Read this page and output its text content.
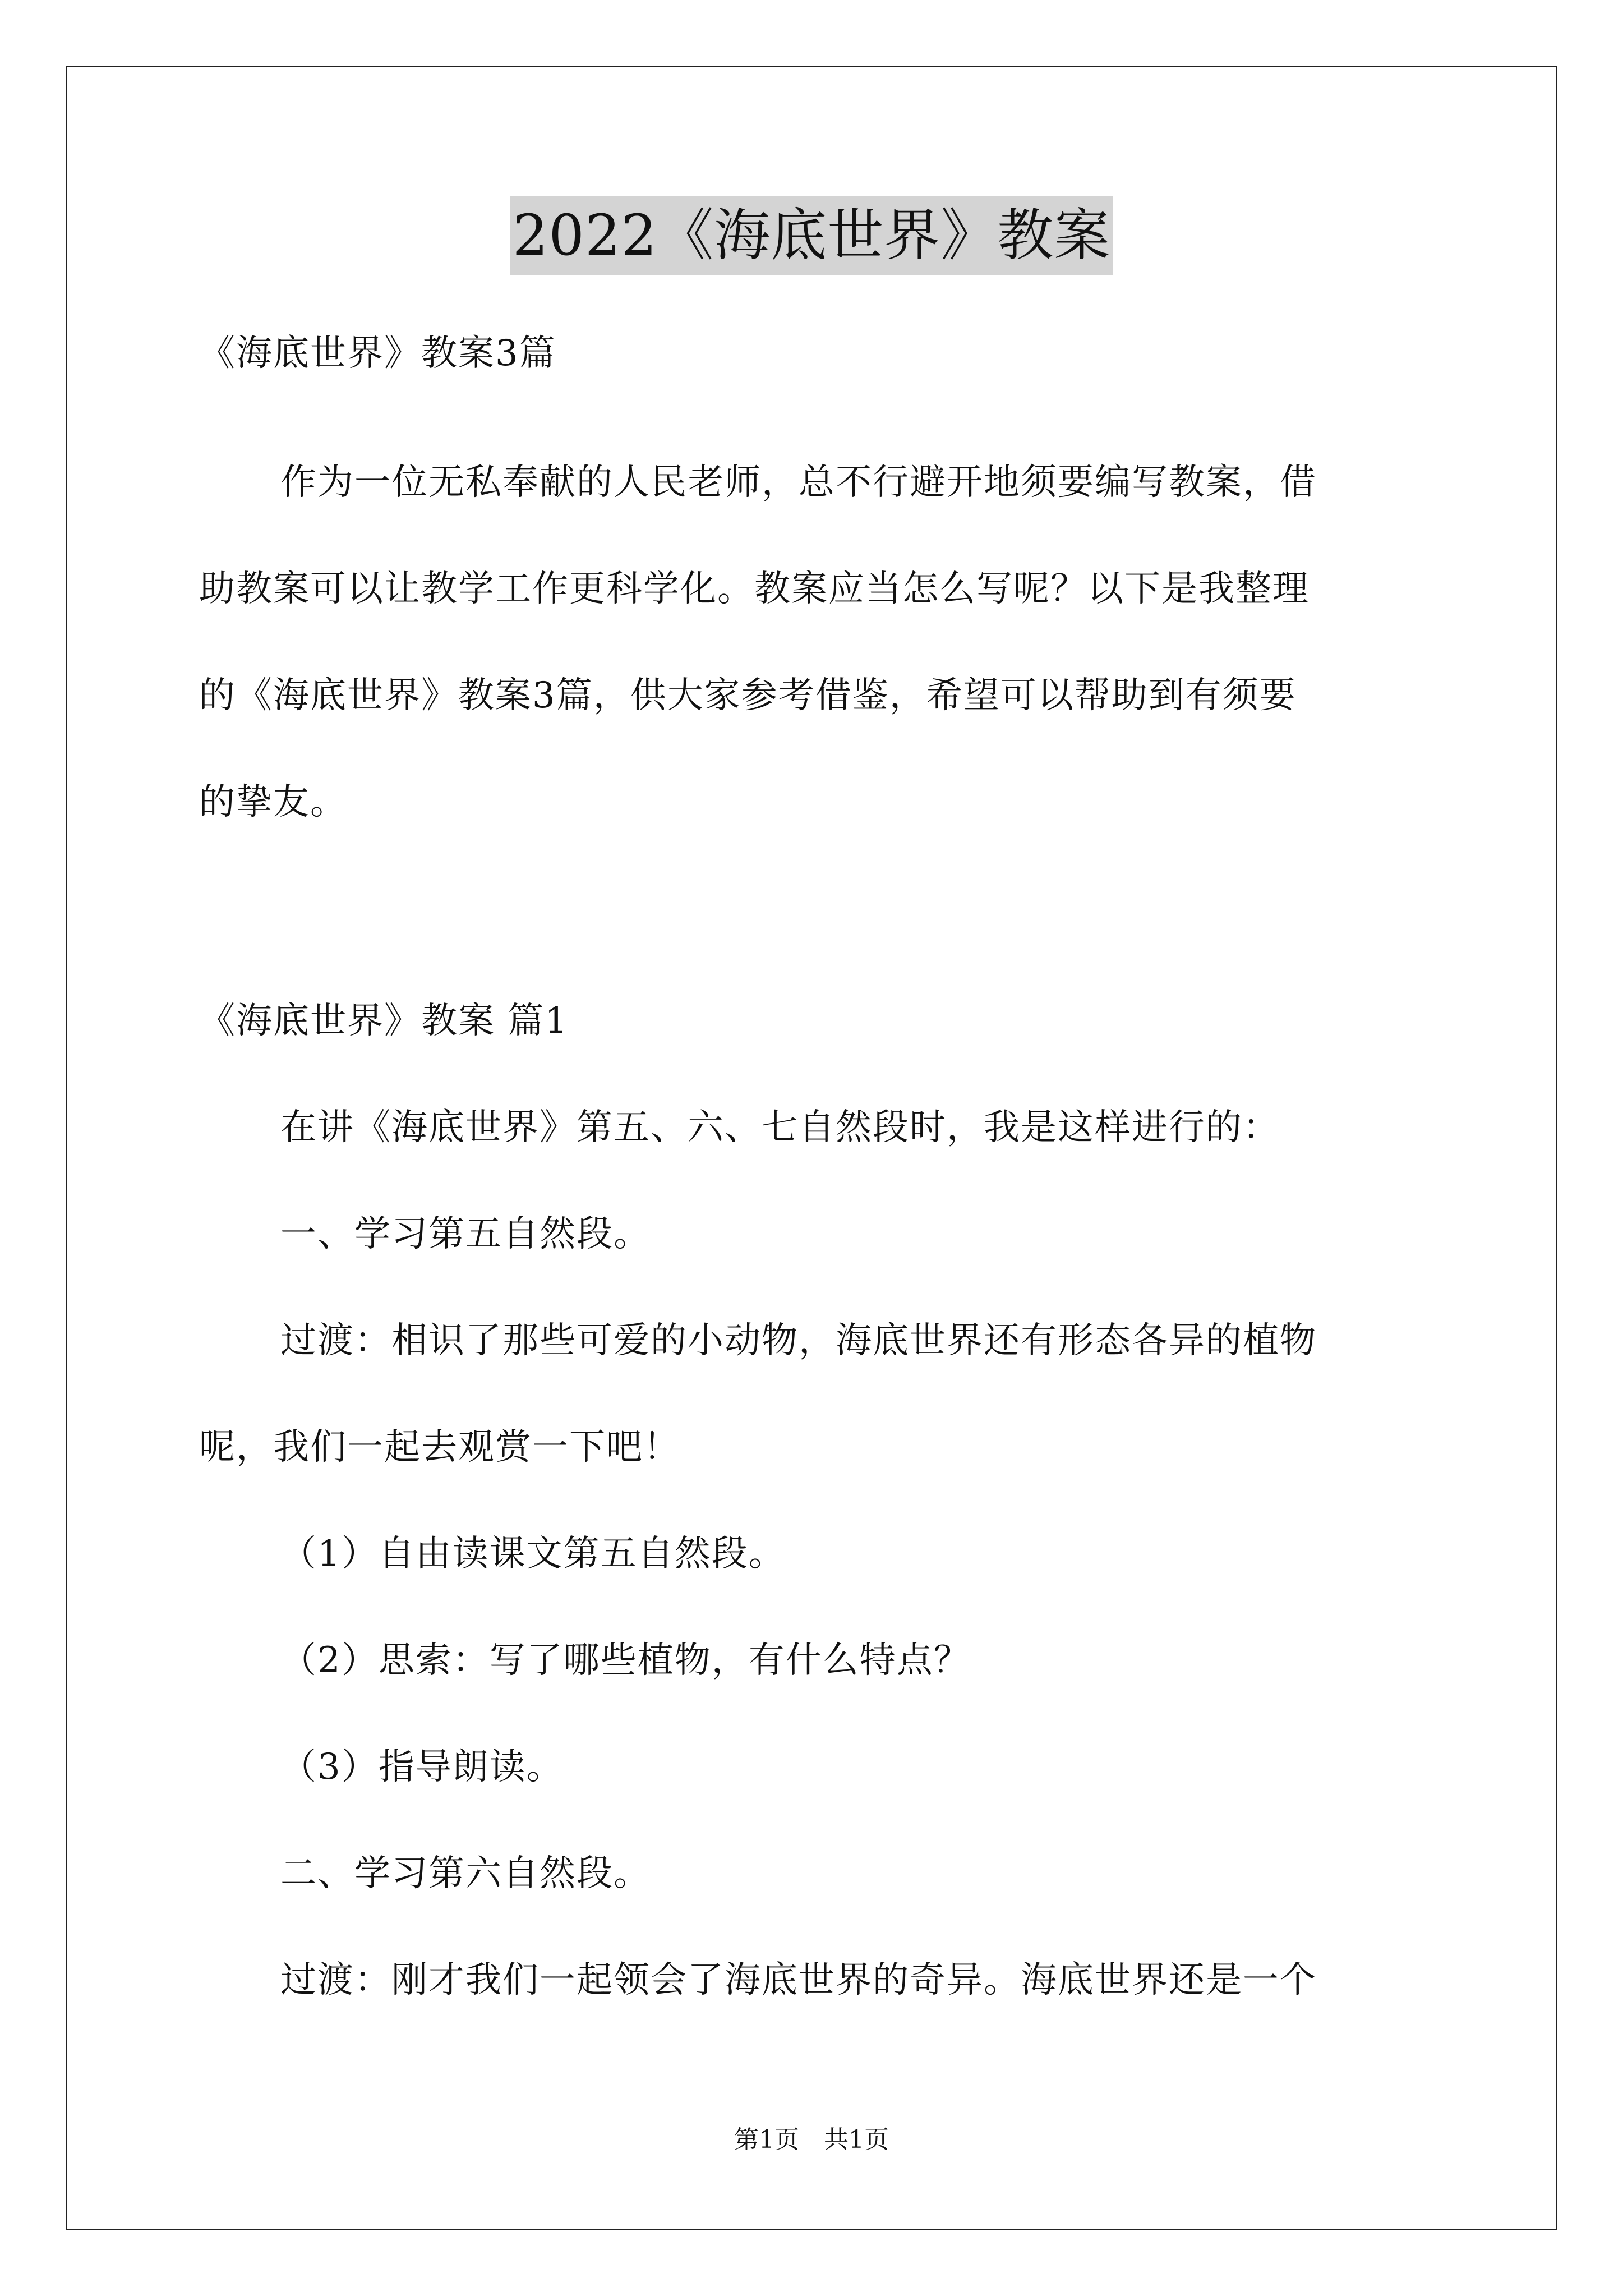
2022《海底世界》教案
《海底世界》教案3篇
作为一位无私奉献的人民老师，总不行避开地须要编写教案，借
助教案可以让教学工作更科学化。教案应当怎么写呢？以下是我整理
的《海底世界》教案3篇，供大家参考借鉴，希望可以帮助到有须要
的挚友。
《海底世界》教案 篇1
在讲《海底世界》第五、六、七自然段时，我是这样进行的：
一、学习第五自然段。
过渡：相识了那些可爱的小动物，海底世界还有形态各异的植物
呢，我们一起去观赏一下吧！
（1）自由读课文第五自然段。
（2）思索：写了哪些植物，有什么特点？
（3）指导朗读。
二、学习第六自然段。
过渡：刚才我们一起领会了海底世界的奇异。海底世界还是一个
第1页　共1页
